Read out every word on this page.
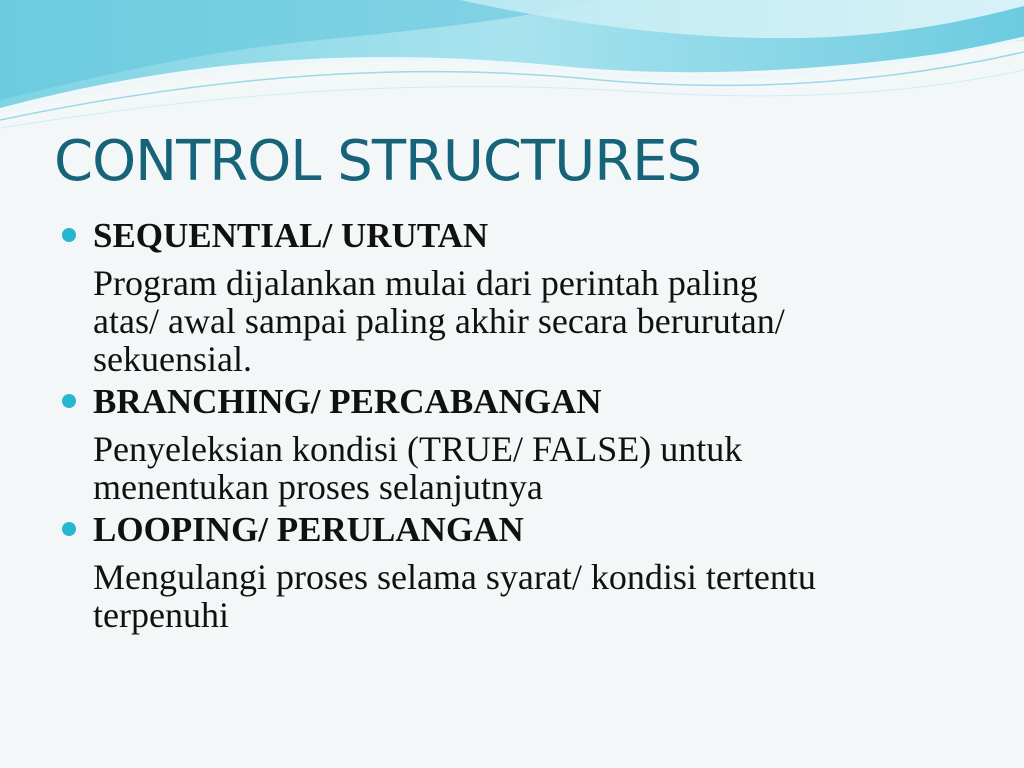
CONTROL STRUCTURES

SEQUENTIAL/ URUTAN

Program dijalankan mulai dari perintah paling
atas/ awal sampai paling akhir secara berurutan/
sekuensial.

BRANCHING/ PERCABANGAN

Penyeleksian kondisi (TRUE/ FALSE) untuk
menentukan proses selanjutnya

LOOPING/ PERULANGAN

Mengulangi proses selama syarat/ kondisi tertentu
terpenuhi
